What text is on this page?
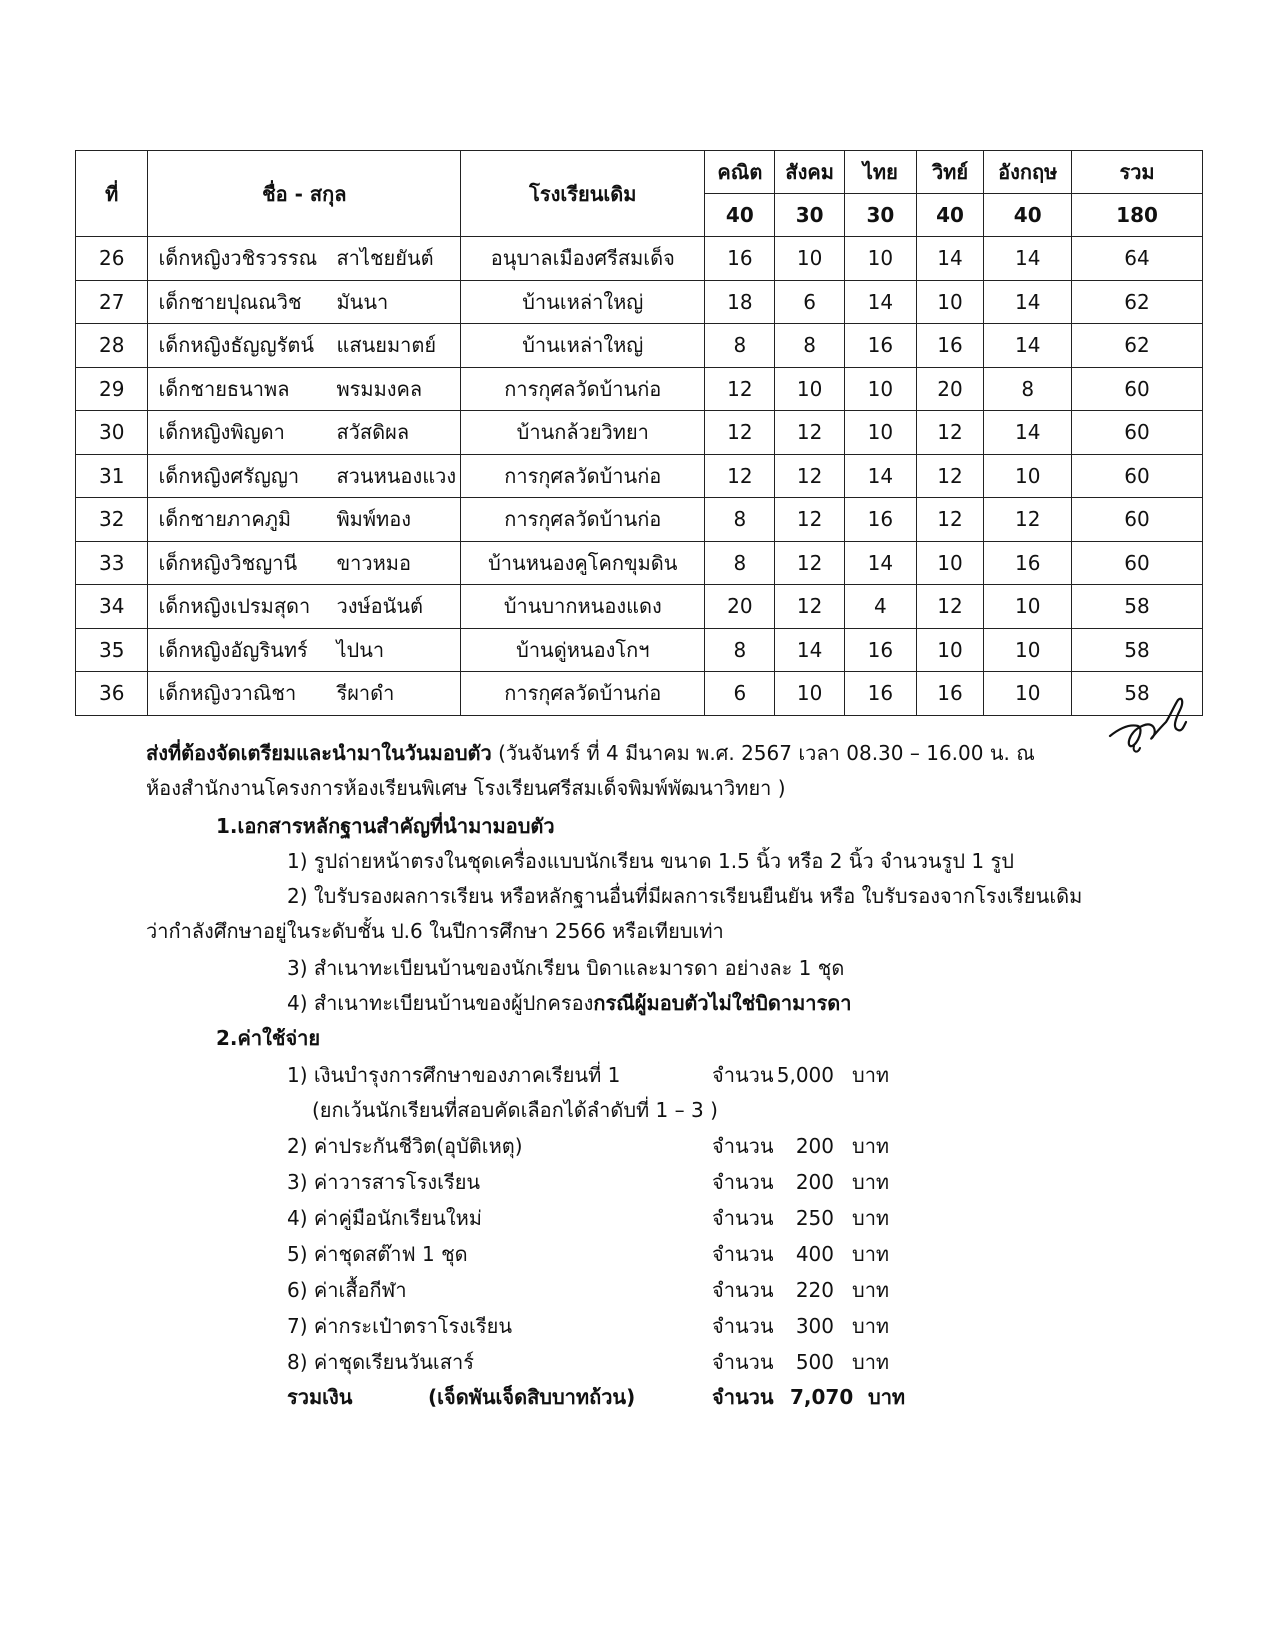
ที่	ชื่อ - สกุล	โรงเรียนเดิม	คณิต	สังคม	ไทย	วิทย์	อังกฤษ	รวม
			40	30	30	40	40	180
26	เด็กหญิงวชิรวรรณ สาไชยยันต์	อนุบาลเมืองศรีสมเด็จ	16	10	10	14	14	64
27	เด็กชายปุณณวิช มันนา	บ้านเหล่าใหญ่	18	6	14	10	14	62
28	เด็กหญิงธัญญรัตน์ แสนยมาตย์	บ้านเหล่าใหญ่	8	8	16	16	14	62
29	เด็กชายธนาพล พรมมงคล	การกุศลวัดบ้านก่อ	12	10	10	20	8	60
30	เด็กหญิงพิญดา สวัสดิผล	บ้านกล้วยวิทยา	12	12	10	12	14	60
31	เด็กหญิงศรัญญา สวนหนองแวง	การกุศลวัดบ้านก่อ	12	12	14	12	10	60
32	เด็กชายภาคภูมิ พิมพ์ทอง	การกุศลวัดบ้านก่อ	8	12	16	12	12	60
33	เด็กหญิงวิชญานี ขาวหมอ	บ้านหนองคูโคกขุมดิน	8	12	14	10	16	60
34	เด็กหญิงเปรมสุดา วงษ์อนันต์	บ้านบากหนองแดง	20	12	4	12	10	58
35	เด็กหญิงอัญรินทร์ ไปนา	บ้านดู่หนองโกฯ	8	14	16	10	10	58
36	เด็กหญิงวาณิชา รีผาดำ	การกุศลวัดบ้านก่อ	6	10	16	16	10	58
ส่งที่ต้องจัดเตรียมและนำมาในวันมอบตัว (วันจันทร์ ที่ 4 มีนาคม พ.ศ. 2567 เวลา 08.30 – 16.00 น. ณ
ห้องสำนักงานโครงการห้องเรียนพิเศษ โรงเรียนศรีสมเด็จพิมพ์พัฒนาวิทยา )
1.เอกสารหลักฐานสำคัญที่นำมามอบตัว
1) รูปถ่ายหน้าตรงในชุดเครื่องแบบนักเรียน ขนาด 1.5 นิ้ว หรือ 2 นิ้ว จำนวนรูป 1 รูป
2) ใบรับรองผลการเรียน หรือหลักฐานอื่นที่มีผลการเรียนยืนยัน หรือ ใบรับรองจากโรงเรียนเดิม
ว่ากำลังศึกษาอยู่ในระดับชั้น ป.6 ในปีการศึกษา 2566 หรือเทียบเท่า
3) สำเนาทะเบียนบ้านของนักเรียน บิดาและมารดา อย่างละ 1 ชุด
4) สำเนาทะเบียนบ้านของผู้ปกครองกรณีผู้มอบตัวไม่ใช่บิดามารดา
2.ค่าใช้จ่าย
1) เงินบำรุงการศึกษาของภาคเรียนที่ 1	จำนวน 5,000 บาท
2) ค่าประกันชีวิต(อุบัติเหตุ)	จำนวน	200 บาท
3) ค่าวารสารโรงเรียน	จำนวน	200 บาท
4) ค่าคู่มือนักเรียนใหม่	จำนวน	250 บาท
5) ค่าชุดสต๊าฟ 1 ชุด	จำนวน	400 บาท
6) ค่าเสื้อกีฬา	จำนวน	220 บาท
7) ค่ากระเป๋าตราโรงเรียน	จำนวน	300 บาท
8) ค่าชุดเรียนวันเสาร์	จำนวน	500 บาท
(ยกเว้นนักเรียนที่สอบคัดเลือกได้ลำดับที่ 1 – 3 )
รวมเงิน	(เจ็ดพันเจ็ดสิบบาทถ้วน)	จำนวน 7,070 บาท
